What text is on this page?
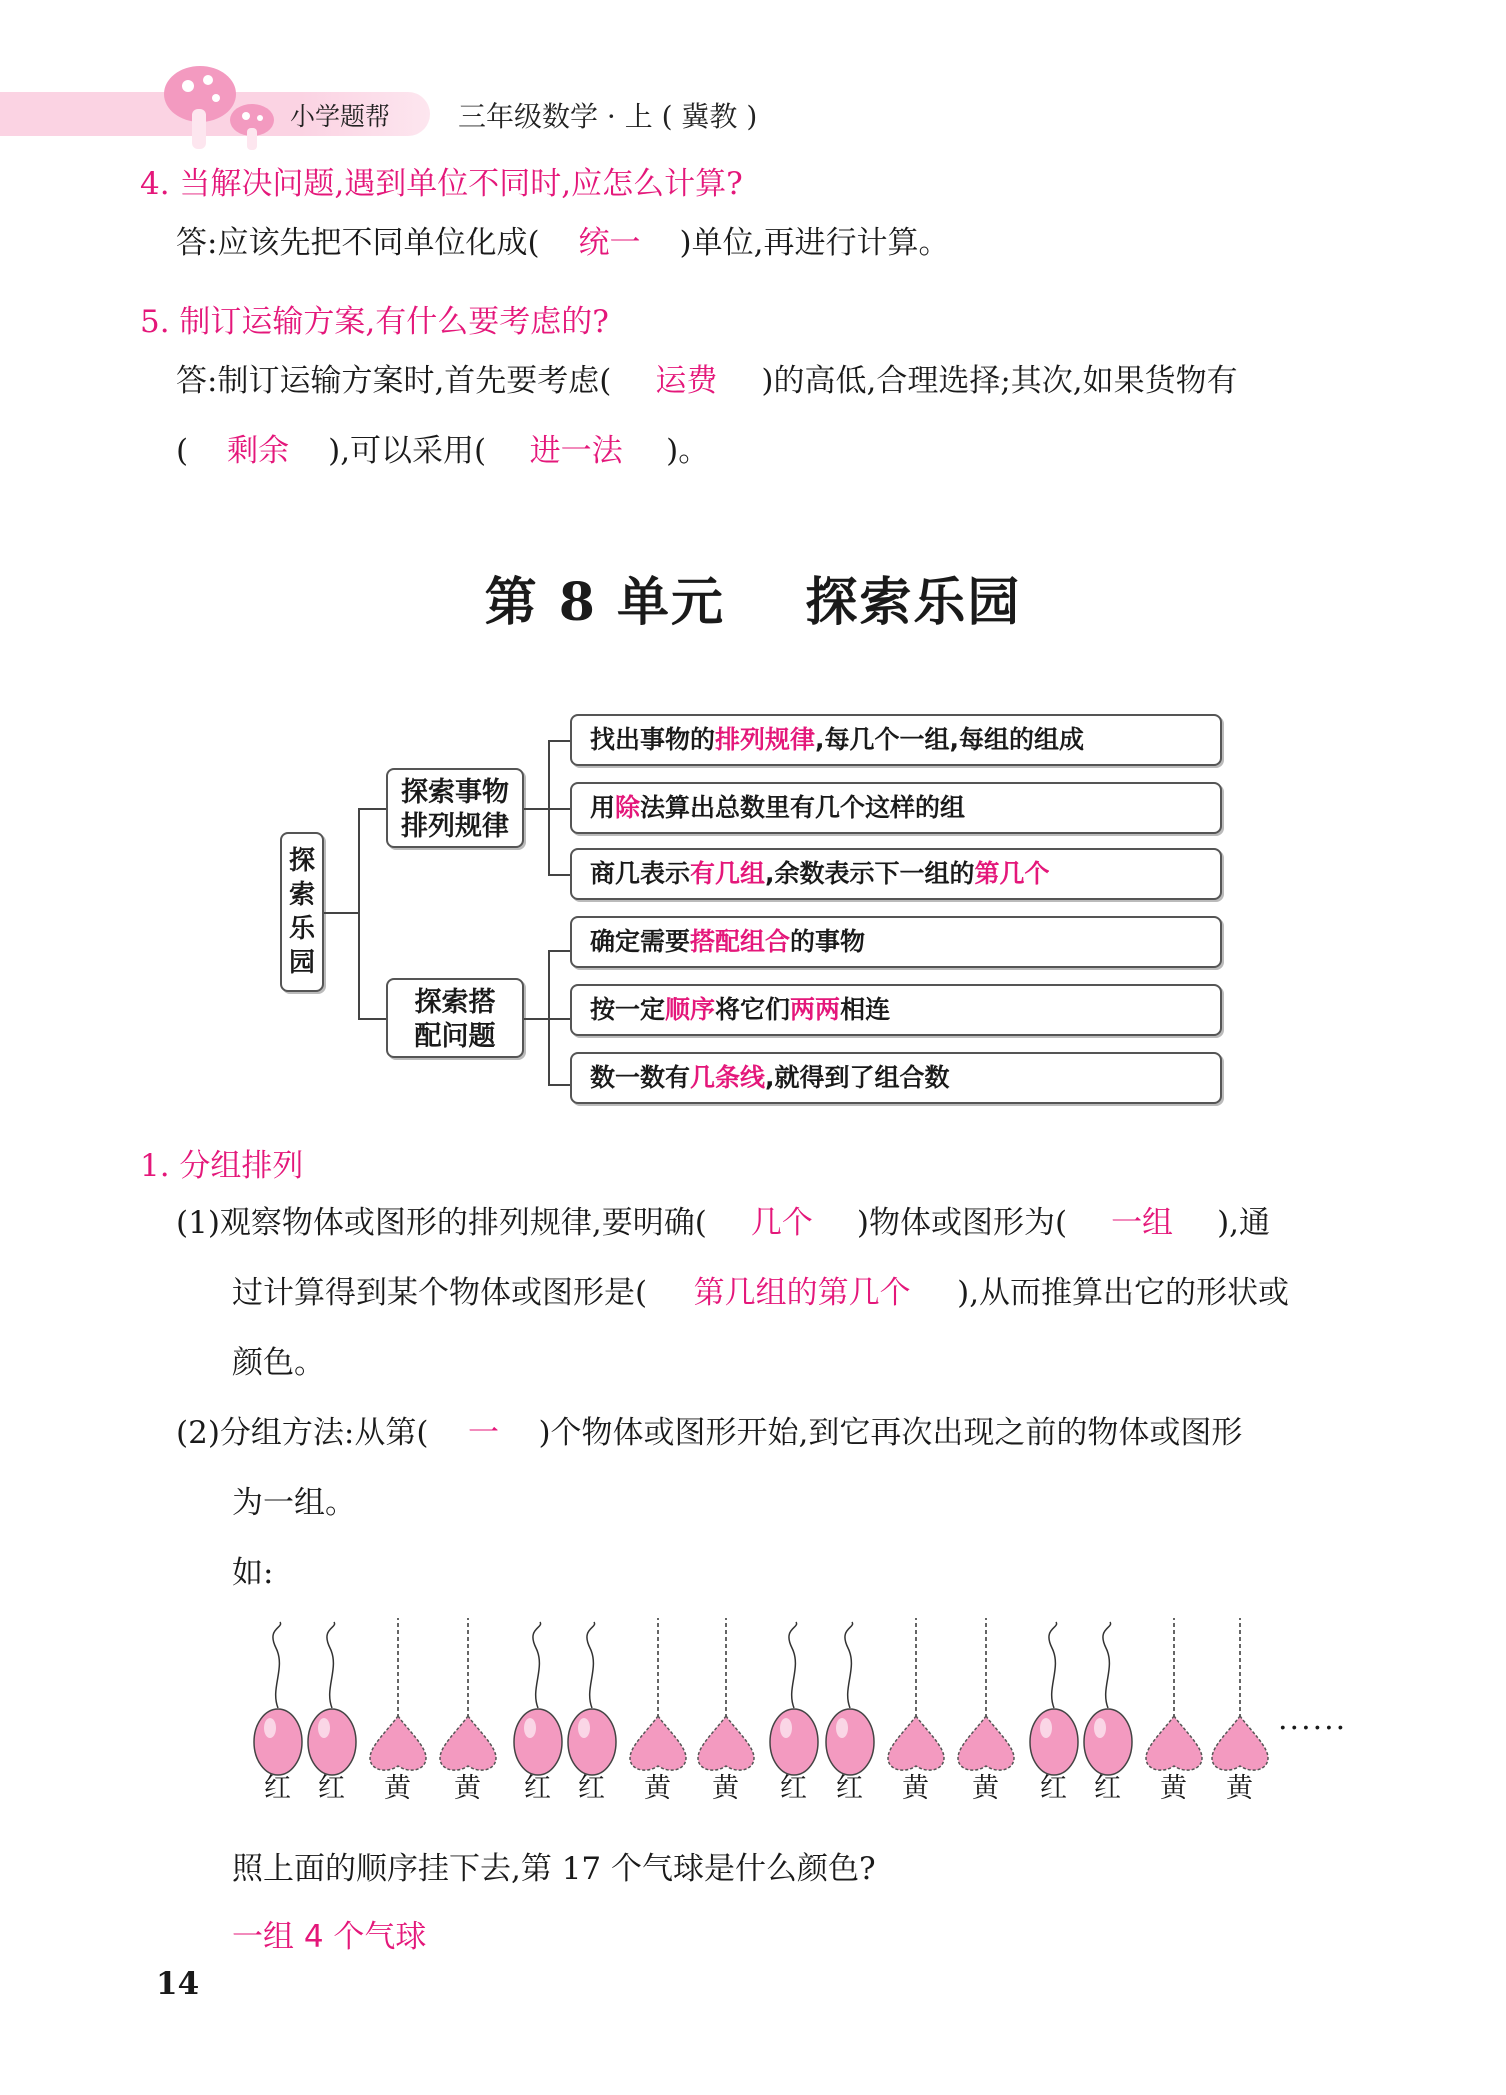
小学题帮 三年级数学 · 上 ( 冀教 )
4. 当解决问题,遇到单位不同时,应怎么计算?
答:应该先把不同单位化成( 统一 )单位,再进行计算。
5. 制订运输方案,有什么要考虑的?
答:制订运输方案时,首先要考虑( 运费 )的高低,合理选择;其次,如果货物有
( 剩余 ),可以采用( 进一法 )。
第 8 单元    探索乐园
探
索
乐
园
探索事物
排列规律
探索搭
配问题
找出事物的排列规律,每几个一组,每组的组成
用除法算出总数里有几个这样的组
商几表示有几组,余数表示下一组的第几个
确定需要搭配组合的事物
按一定顺序将它们两两相连
数一数有几条线,就得到了组合数
1. 分组排列
(1)观察物体或图形的排列规律,要明确( 几个 )物体或图形为( 一组 ),通
过计算得到某个物体或图形是( 第几组的第几个 ),从而推算出它的形状或
颜色。
(2)分组方法:从第( 一 )个物体或图形开始,到它再次出现之前的物体或图形
为一组。
如:
红 红 黄 黄 红 红 黄 黄 红 红 黄 黄 红 红 黄 黄
......
照上面的顺序挂下去,第 17 个气球是什么颜色?
一组 4 个气球
14
